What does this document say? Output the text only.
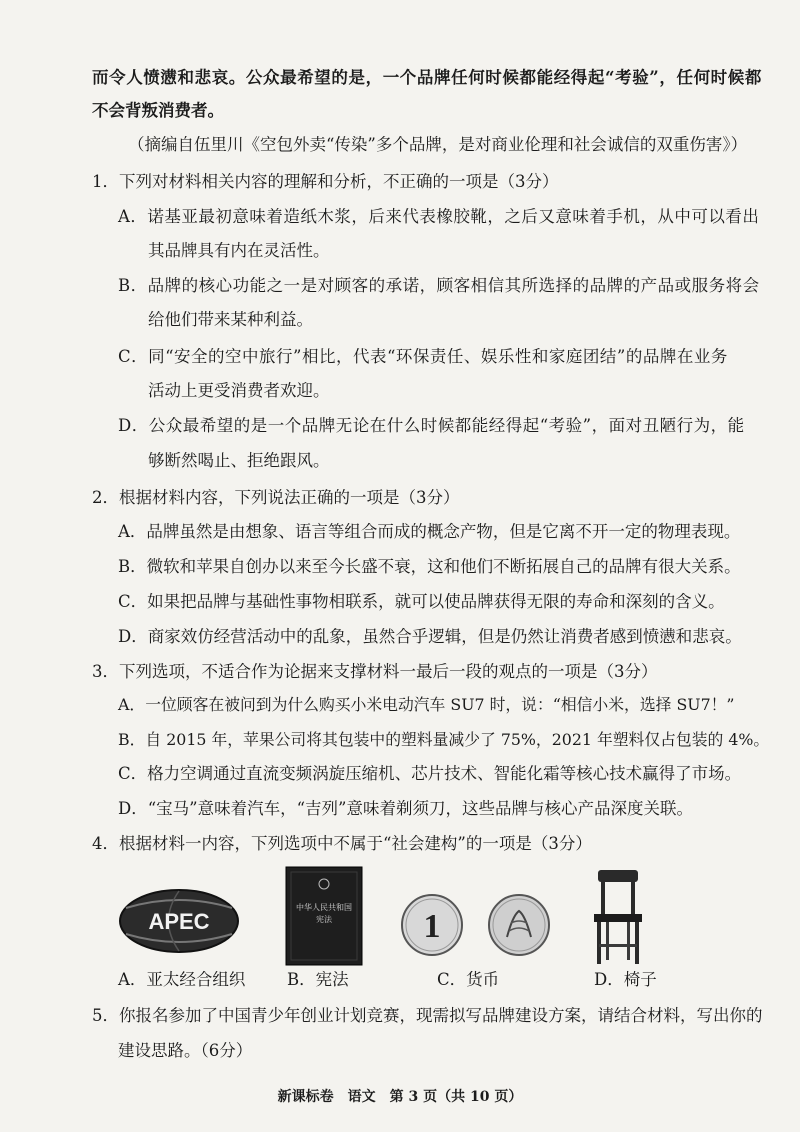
而令人愤懑和悲哀。公众最希望的是，一个品牌任何时候都能经得起“考验”，任何时候都
不会背叛消费者。
（摘编自伍里川《空包外卖“传染”多个品牌，是对商业伦理和社会诚信的双重伤害》）
1．下列对材料相关内容的理解和分析，不正确的一项是（3分）
A．诺基亚最初意味着造纸木浆，后来代表橡胶靴，之后又意味着手机，从中可以看出
其品牌具有内在灵活性。
B．品牌的核心功能之一是对顾客的承诺，顾客相信其所选择的品牌的产品或服务将会
给他们带来某种利益。
C．同“安全的空中旅行”相比，代表“环保责任、娱乐性和家庭团结”的品牌在业务
活动上更受消费者欢迎。
D．公众最希望的是一个品牌无论在什么时候都能经得起“考验”，面对丑陋行为，能
够断然喝止、拒绝跟风。
2．根据材料内容，下列说法正确的一项是（3分）
A．品牌虽然是由想象、语言等组合而成的概念产物，但是它离不开一定的物理表现。
B．微软和苹果自创办以来至今长盛不衰，这和他们不断拓展自己的品牌有很大关系。
C．如果把品牌与基础性事物相联系，就可以使品牌获得无限的寿命和深刻的含义。
D．商家效仿经营活动中的乱象，虽然合乎逻辑，但是仍然让消费者感到愤懑和悲哀。
3．下列选项，不适合作为论据来支撑材料一最后一段的观点的一项是（3分）
A．一位顾客在被问到为什么购买小米电动汽车 SU7 时，说：“相信小米，选择 SU7！”
B．自 2015 年，苹果公司将其包装中的塑料量减少了 75%，2021 年塑料仅占包装的 4%。
C．格力空调通过直流变频涡旋压缩机、芯片技术、智能化霜等核心技术赢得了市场。
D．“宝马”意味着汽车，“吉列”意味着剃须刀，这些品牌与核心产品深度关联。
4．根据材料一内容，下列选项中不属于“社会建构”的一项是（3分）
APEC
中华人民共和国
宪法	1
A．亚太经合组织	B．宪法	C．货币	D．椅子
5．你报名参加了中国青少年创业计划竞赛，现需拟写品牌建设方案，请结合材料，写出你的
建设思路。（6分）
新课标卷　语文　第 3 页（共 10 页）
